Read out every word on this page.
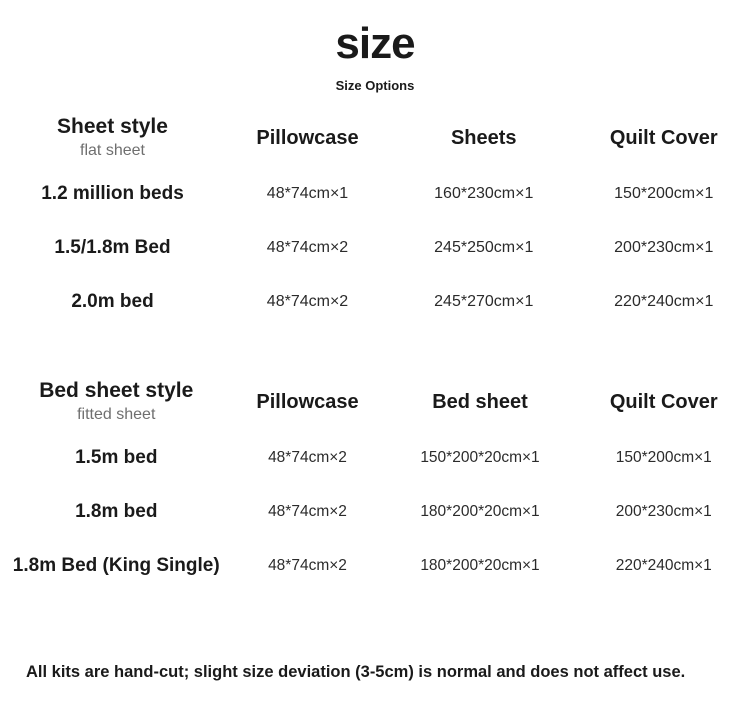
size
Size Options
Sheet style
flat sheet	Pillowcase	Sheets	Quilt Cover
1.2 million beds	48*74cm×1	160*230cm×1	150*200cm×1
1.5/1.8m Bed	48*74cm×2	245*250cm×1	200*230cm×1
2.0m bed	48*74cm×2	245*270cm×1	220*240cm×1
Bed sheet style
fitted sheet	Pillowcase	Bed sheet	Quilt Cover
1.5m bed	48*74cm×2	150*200*20cm×1	150*200cm×1
1.8m bed	48*74cm×2	180*200*20cm×1	200*230cm×1
1.8m Bed (King Single)	48*74cm×2	180*200*20cm×1	220*240cm×1
All kits are hand-cut; slight size deviation (3-5cm) is normal and does not affect use.
